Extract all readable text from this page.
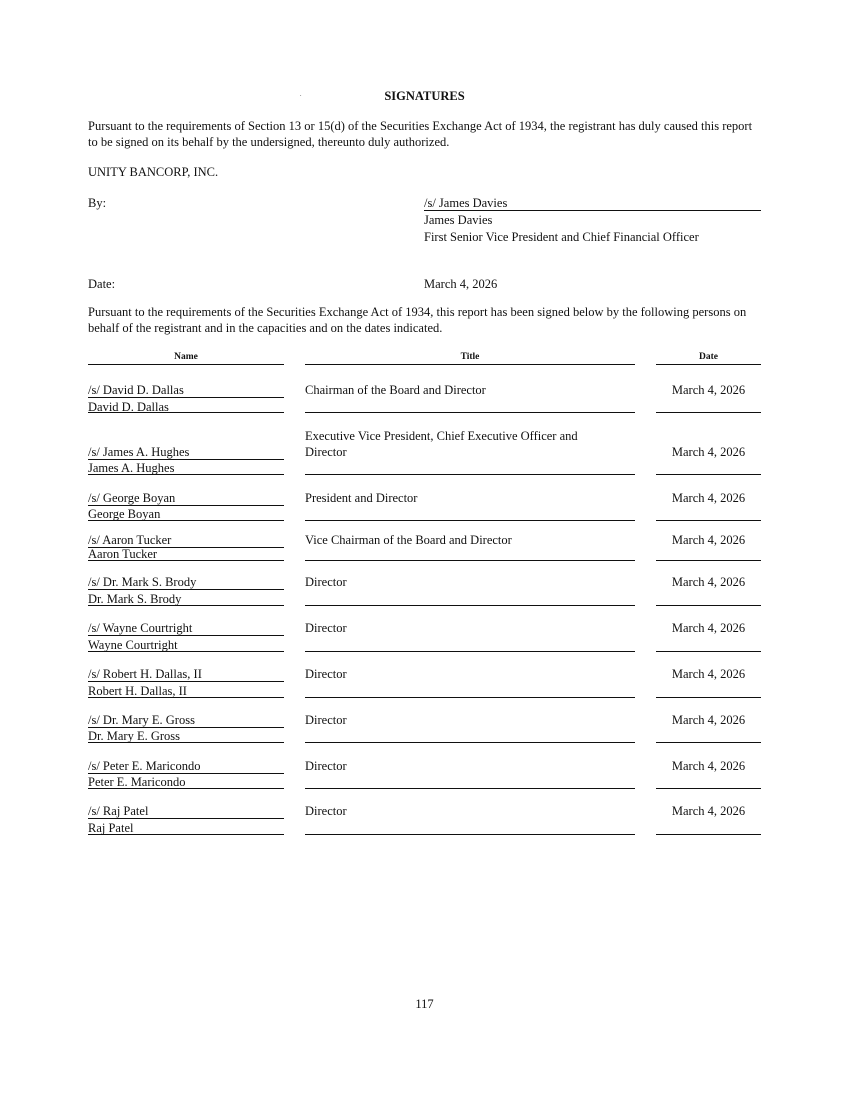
.	SIGNATURES
Pursuant to the requirements of Section 13 or 15(d) of the Securities Exchange Act of 1934, the registrant has duly caused this report to be signed on its behalf by the undersigned, thereunto duly authorized.
UNITY BANCORP, INC.
By:	/s/ James Davies
James Davies
First Senior Vice President and Chief Financial Officer
Date:	March 4, 2026
Pursuant to the requirements of the Securities Exchange Act of 1934, this report has been signed below by the following persons on behalf of the registrant and in the capacities and on the dates indicated.
Name	Title	Date
/s/ David D. Dallas
David D. Dallas
Chairman of the Board and Director	March 4, 2026
/s/ James A. Hughes
James A. Hughes
Executive Vice President, Chief Executive Officer and
Director	March 4, 2026
/s/ George Boyan
George Boyan
President and Director	March 4, 2026
/s/ Aaron Tucker
Aaron Tucker
Vice Chairman of the Board and Director	March 4, 2026
/s/ Dr. Mark S. Brody
Dr. Mark S. Brody
Director	March 4, 2026
/s/ Wayne Courtright
Wayne Courtright
Director	March 4, 2026
/s/ Robert H. Dallas, II
Robert H. Dallas, II
Director	March 4, 2026
/s/ Dr. Mary E. Gross
Dr. Mary E. Gross
Director	March 4, 2026
/s/ Peter E. Maricondo
Peter E. Maricondo
Director	March 4, 2026
/s/ Raj Patel
Raj Patel
Director	March 4, 2026
117
